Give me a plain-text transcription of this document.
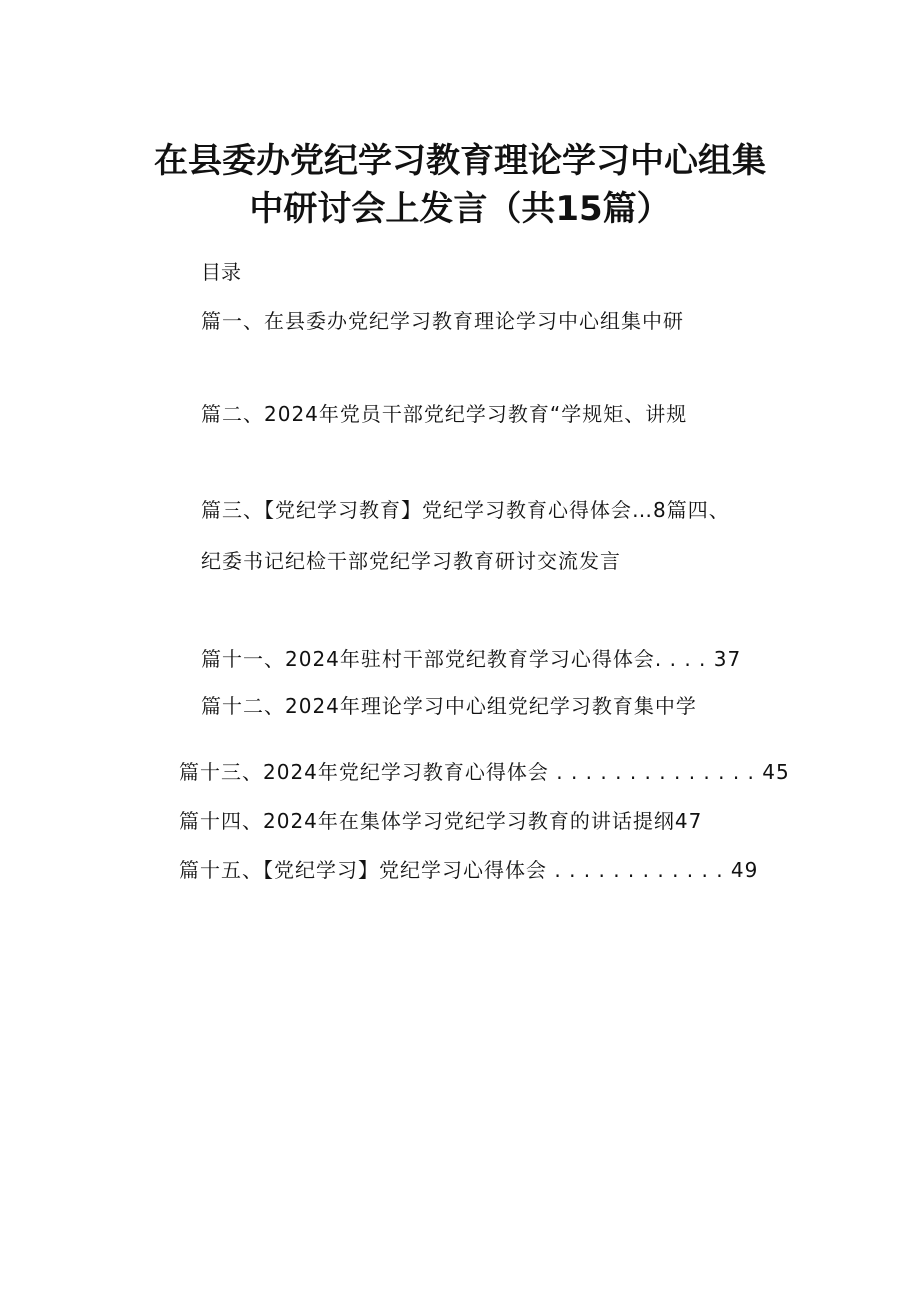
在县委办党纪学习教育理论学习中心组集
中研讨会上发言（共15篇）
目录
篇一、在县委办党纪学习教育理论学习中心组集中研
篇二、2024年党员干部党纪学习教育“学规矩、讲规
篇三、【党纪学习教育】党纪学习教育心得体会…8篇四、
纪委书记纪检干部党纪学习教育研讨交流发言
篇十一、2024年驻村干部党纪教育学习心得体会. . . . 37
篇十二、2024年理论学习中心组党纪学习教育集中学
篇十三、2024年党纪学习教育心得体会 . . . . . . . . . . . . . . 45
篇十四、2024年在集体学习党纪学习教育的讲话提纲47
篇十五、【党纪学习】党纪学习心得体会 . . . . . . . . . . . . 49
